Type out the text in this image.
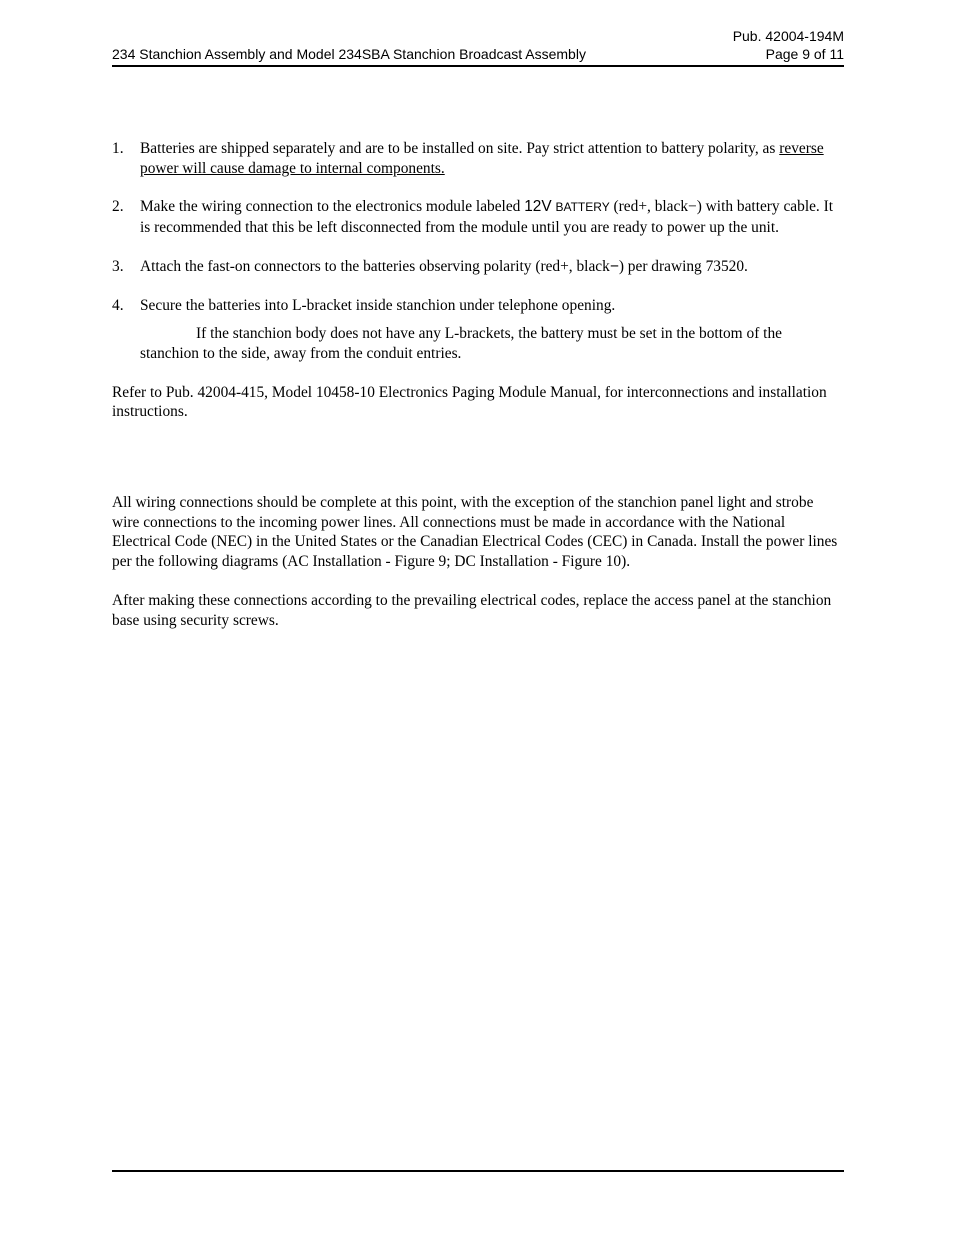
Pub. 42004-194M
234 Stanchion Assembly and Model 234SBA Stanchion Broadcast Assembly	Page 9 of 11
1. Batteries are shipped separately and are to be installed on site. Pay strict attention to battery polarity, as reverse power will cause damage to internal components.
2. Make the wiring connection to the electronics module labeled 12V BATTERY (red+, black−) with battery cable. It is recommended that this be left disconnected from the module until you are ready to power up the unit.
3. Attach the fast-on connectors to the batteries observing polarity (red+, black−) per drawing 73520.
4. Secure the batteries into L-bracket inside stanchion under telephone opening.
If the stanchion body does not have any L-brackets, the battery must be set in the bottom of the stanchion to the side, away from the conduit entries.

Refer to Pub. 42004-415, Model 10458-10 Electronics Paging Module Manual, for interconnections and installation instructions.

All wiring connections should be complete at this point, with the exception of the stanchion panel light and strobe wire connections to the incoming power lines. All connections must be made in accordance with the National Electrical Code (NEC) in the United States or the Canadian Electrical Codes (CEC) in Canada. Install the power lines per the following diagrams (AC Installation - Figure 9; DC Installation - Figure 10).

After making these connections according to the prevailing electrical codes, replace the access panel at the stanchion base using security screws.
